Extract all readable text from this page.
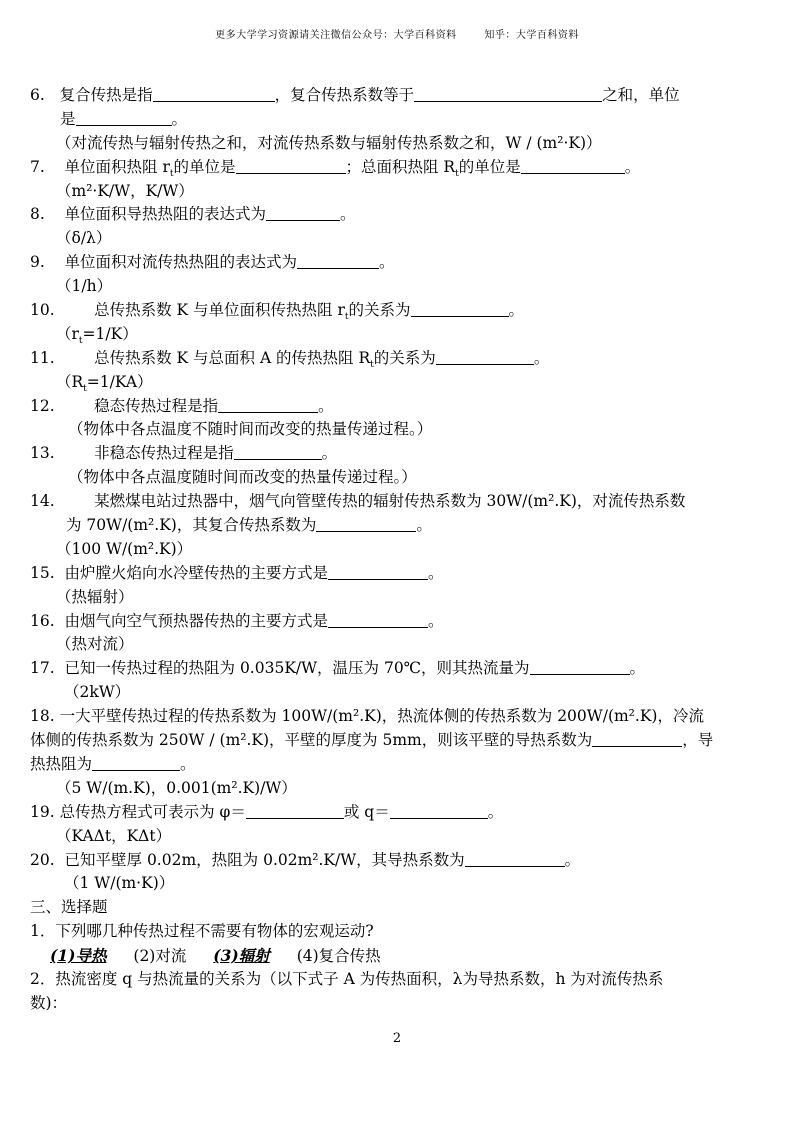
更多大学学习资源请关注微信公众号：大学百科资料	知乎：大学百科资料
6. 复合传热是指	，复合传热系数等于	之和，单位
是	。
（对流传热与辐射传热之和，对流传热系数与辐射传热系数之和，W / (m²·K)）
7. 单位面积热阻 $r_t$的单位是	；总面积热阻 $R_t$的单位是	。
（m²·K/W，K/W）
8. 单位面积导热热阻的表达式为	。
（δ/λ）
9. 单位面积对流传热热阻的表达式为	。
（1/h）
10.	总传热系数 K 与单位面积传热热阻 $r_t$的关系为	。
$(r_t=1/K)$
11.	总传热系数 K 与总面积 A 的传热热阻 $R_t$的关系为	。
$(R_t=1/KA)$
12.	稳态传热过程是指	。
（物体中各点温度不随时间而改变的热量传递过程。）
13.	非稳态传热过程是指	。
（物体中各点温度随时间而改变的热量传递过程。）
14.	某燃煤电站过热器中，烟气向管壁传热的辐射传热系数为 30W/(m².K)，对流传热系数
为 70W/(m².K)，其复合传热系数为	。
（100 W/(m².K)）
15. 由炉膛火焰向水冷壁传热的主要方式是	。
（热辐射）
16. 由烟气向空气预热器传热的主要方式是	。
（热对流）
17. 已知一传热过程的热阻为 0.035K/W，温压为 70℃，则其热流量为	。
（2kW）
18. 一大平壁传热过程的传热系数为 100W/(m².K)，热流体侧的传热系数为 200W/(m².K)，冷流
体侧的传热系数为 250W / (m².K)，平壁的厚度为 5mm，则该平壁的导热系数为	，导
热热阻为	。
（5 W/(m.K)，0.001(m².K)/W）
19. 总传热方程式可表示为 φ＝	或 q＝	。
（KAΔt，KΔt）
20. 已知平壁厚 0.02m，热阻为 0.02m².K/W，其导热系数为	。
（1 W/(m·K)）
三、选择题
1．下列哪几种传热过程不需要有物体的宏观运动?
(1)导热 (2)对流 (3)辐射 (4)复合传热
2．热流密度 q 与热流量的关系为（以下式子 A 为传热面积，λ为导热系数，h 为对流传热系
数)：
2
